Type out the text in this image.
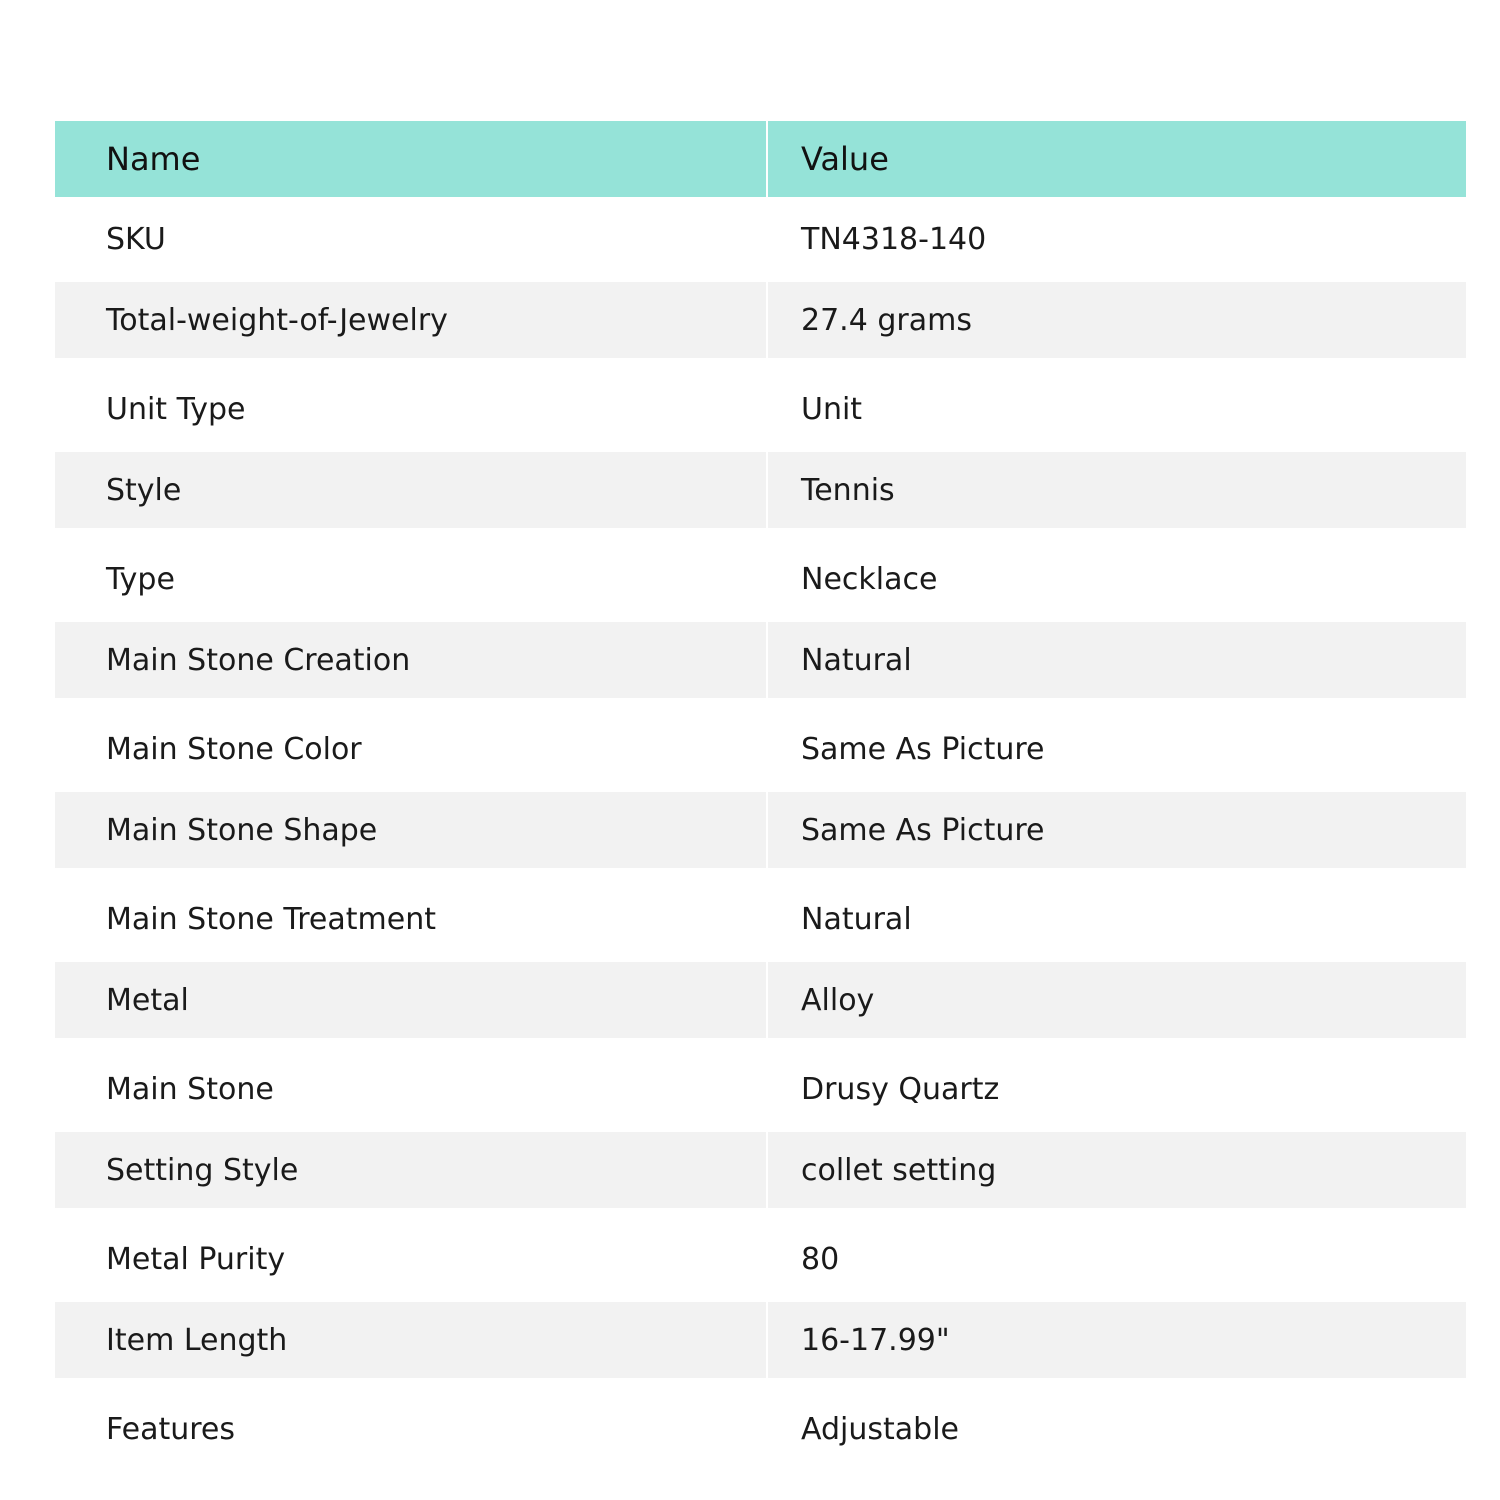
Name	Value
SKU	TN4318-140
Total-weight-of-Jewelry	27.4 grams
Unit Type	Unit
Style	Tennis
Type	Necklace
Main Stone Creation	Natural
Main Stone Color	Same As Picture
Main Stone Shape	Same As Picture
Main Stone Treatment	Natural
Metal	Alloy
Main Stone	Drusy Quartz
Setting Style	collet setting
Metal Purity	80
Item Length	16-17.99"
Features	Adjustable
